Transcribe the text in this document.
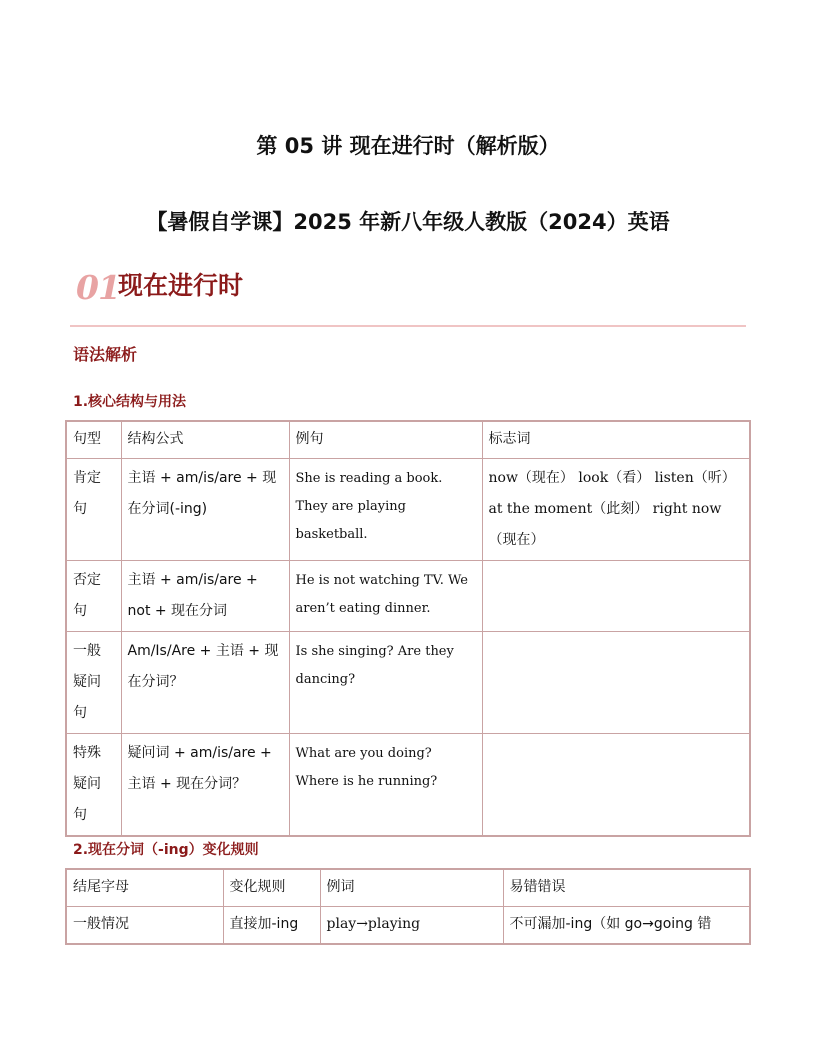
第 05 讲 现在进行时（解析版）
【暑假自学课】2025 年新八年级人教版（2024）英语
01
现在进行时
语法解析
1.核心结构与用法
句型	结构公式	例句	标志词
肯定句	主语 + am/is/are + 现在分词(-ing)	She is reading a book. They are playing basketball.	now（现在） look（看） listen（听） at the moment（此刻） right now（现在）
否定句	主语 + am/is/are + not + 现在分词	He is not watching TV. We aren’t eating dinner.	
一般疑问句	Am/Is/Are + 主语 + 现在分词？	Is she singing? Are they dancing?	
特殊疑问句	疑问词 + am/is/are + 主语 + 现在分词？	What are you doing? Where is he running?	
2.现在分词（-ing）变化规则
结尾字母	变化规则	例词	易错错误
一般情况	直接加-ing	play→playing	不可漏加-ing（如 go→going 错
